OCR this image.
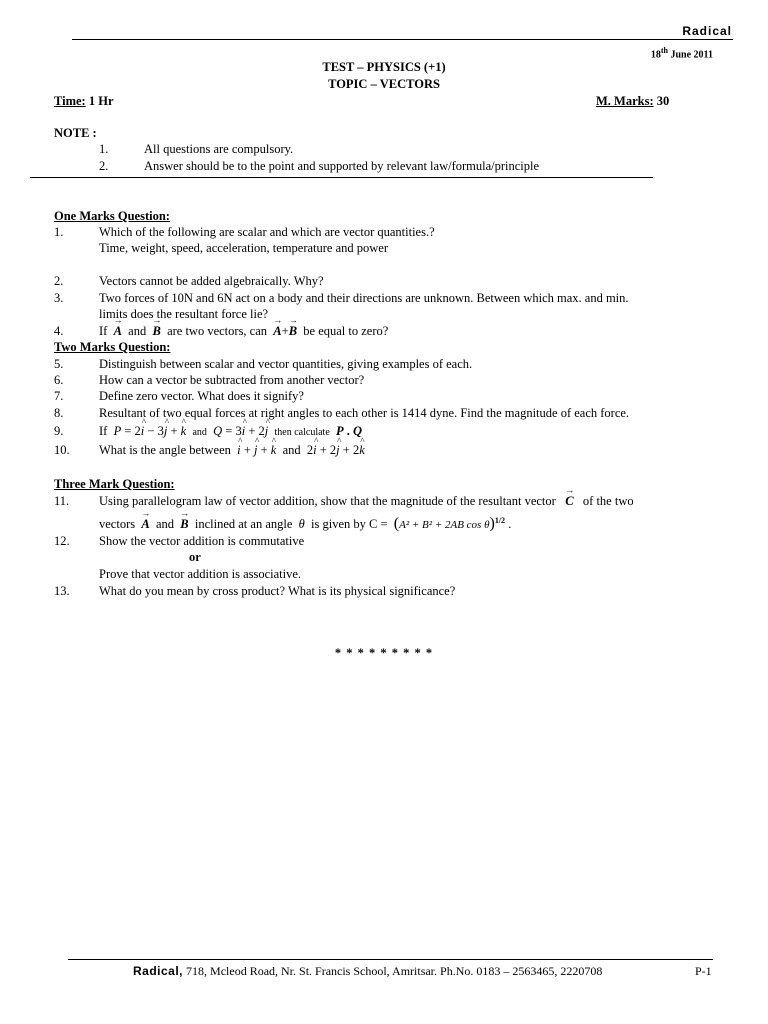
Radical
18th June 2011
TEST – PHYSICS (+1)
TOPIC – VECTORS
Time: 1 Hr	M. Marks: 30
NOTE :
1.	All questions are compulsory.
2.	Answer should be to the point and supported by relevant law/formula/principle
One Marks Question:
1.	Which of the following are scalar and which are vector quantities.?
Time, weight, speed, acceleration, temperature and power
2.	Vectors cannot be added algebraically. Why?
3.	Two forces of 10N and 6N act on a body and their directions are unknown. Between which max. and min.
limits does the resultant force lie?
4.	If → A and → B are two vectors, can → A+→ B be equal to zero?
Two Marks Question:
5.	Distinguish between scalar and vector quantities, giving examples of each.
6.	How can a vector be subtracted from another vector?
7.	Define zero vector. What does it signify?
8.	Resultant of two equal forces at right angles to each other is 1414 dyne. Find the magnitude of each force.
9.	If P = 2^ i − 3^ j + ^ k and Q = 3^ i + 2^ j then calculate P . Q
10. What is the angle between ^ i + ^ j + ^ k and 2^ i + 2^ j + 2^ k
Three Mark Question:
11. Using parallelogram law of vector addition, show that the magnitude of the resultant vector → C of the two
vectors → A and → B inclined at an angle θ is given by C = (A² + B² + 2AB cos θ)$^{1/2}$ .
12. Show the vector addition is commutative
or
Prove that vector addition is associative.
13. What do you mean by cross product? What is its physical significance?
* * * * * * * * *
Radical, 718, Mcleod Road, Nr. St. Francis School, Amritsar. Ph.No. 0183 – 2563465, 2220708	P-1
